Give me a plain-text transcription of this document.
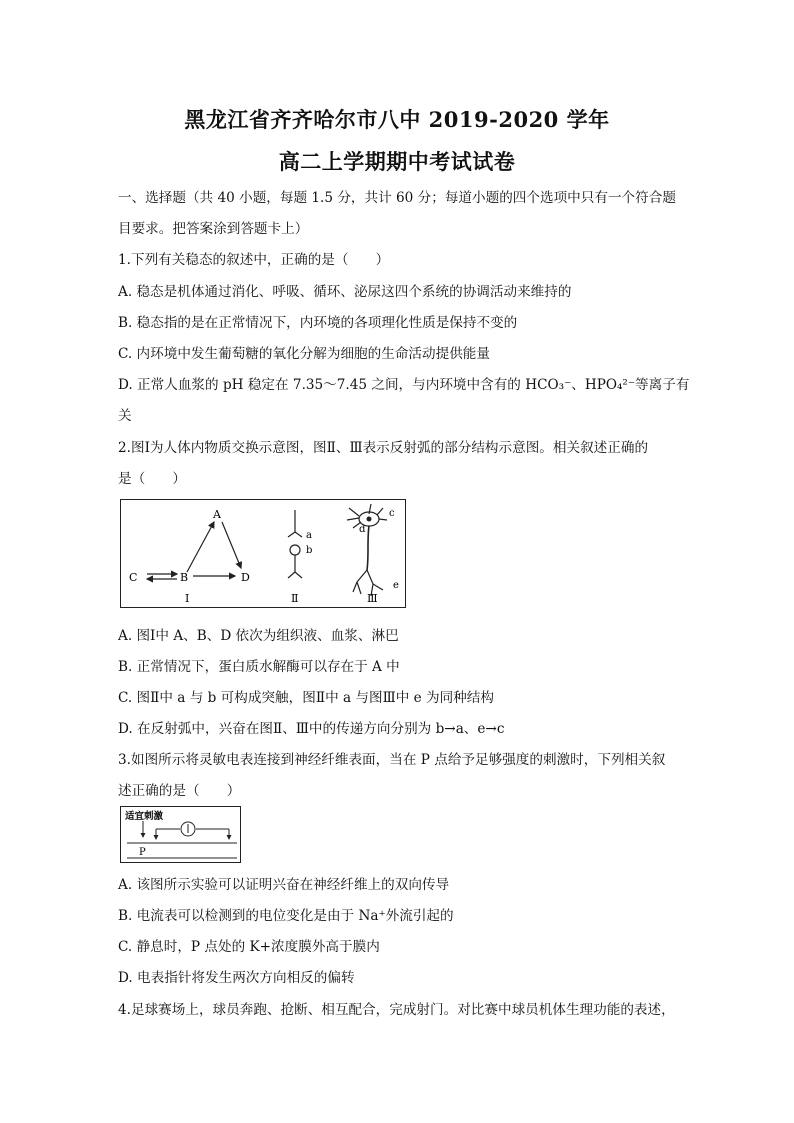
黑龙江省齐齐哈尔市八中 2019-2020 学年
高二上学期期中考试试卷
一、选择题（共 40 小题，每题 1.5 分，共计 60 分；每道小题的四个选项中只有一个符合题
目要求。把答案涂到答题卡上）
1.下列有关稳态的叙述中，正确的是（　　）
A. 稳态是机体通过消化、呼吸、循环、泌尿这四个系统的协调活动来维持的
B. 稳态指的是在正常情况下，内环境的各项理化性质是保持不变的
C. 内环境中发生葡萄糖的氧化分解为细胞的生命活动提供能量
D. 正常人血浆的 pH 稳定在 7.35～7.45 之间，与内环境中含有的 HCO₃⁻、HPO₄²⁻等离子有
关
2.图Ⅰ为人体内物质交换示意图，图Ⅱ、Ⅲ表示反射弧的部分结构示意图。相关叙述正确的
是（　　）
A
B
C	D
Ⅰ
a
b
Ⅱ
c
d
e
Ⅲ
A. 图Ⅰ中 A、B、D 依次为组织液、血浆、淋巴
B. 正常情况下，蛋白质水解酶可以存在于 A 中
C. 图Ⅱ中 a 与 b 可构成突触，图Ⅱ中 a 与图Ⅲ中 e 为同种结构
D. 在反射弧中，兴奋在图Ⅱ、Ⅲ中的传递方向分别为 b→a、e→c
3.如图所示将灵敏电表连接到神经纤维表面，当在 P 点给予足够强度的刺激时，下列相关叙
述正确的是（　　）
适宜刺激
P
A. 该图所示实验可以证明兴奋在神经纤维上的双向传导
B. 电流表可以检测到的电位变化是由于 Na⁺外流引起的
C. 静息时，P 点处的 K+浓度膜外高于膜内
D. 电表指针将发生两次方向相反的偏转
4.足球赛场上，球员奔跑、抢断、相互配合，完成射门。对比赛中球员机体生理功能的表述，
